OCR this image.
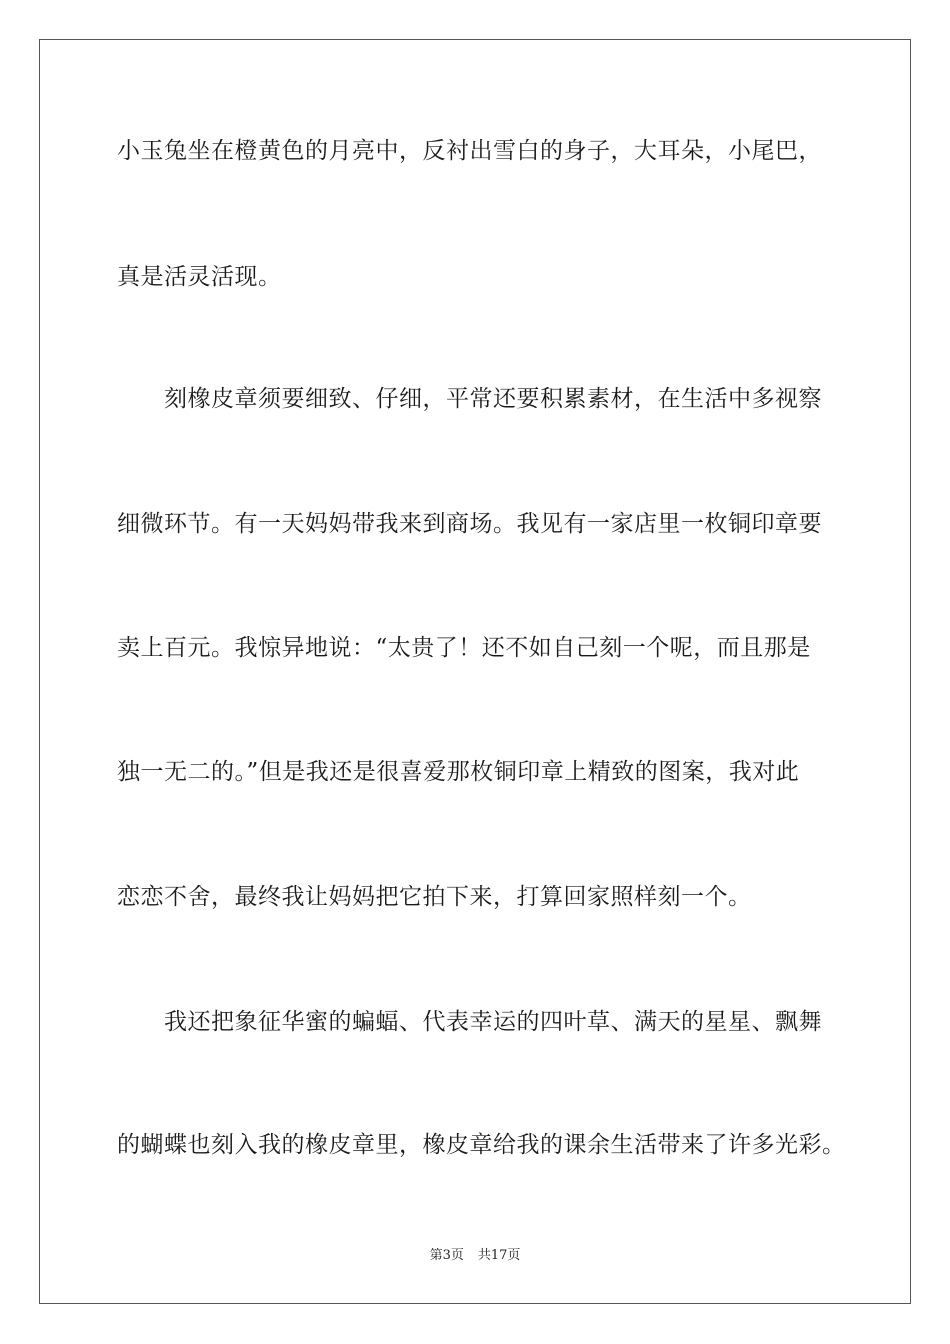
小玉兔坐在橙黄色的月亮中，反衬出雪白的身子，大耳朵，小尾巴，
真是活灵活现。
　　刻橡皮章须要细致、仔细，平常还要积累素材，在生活中多视察
细微环节。有一天妈妈带我来到商场。我见有一家店里一枚铜印章要
卖上百元。我惊异地说：“太贵了！还不如自己刻一个呢，而且那是
独一无二的。”但是我还是很喜爱那枚铜印章上精致的图案，我对此
恋恋不舍，最终我让妈妈把它拍下来，打算回家照样刻一个。
　　我还把象征华蜜的蝙蝠、代表幸运的四叶草、满天的星星、飘舞
的蝴蝶也刻入我的橡皮章里，橡皮章给我的课余生活带来了许多光彩。
第3页 共17页
